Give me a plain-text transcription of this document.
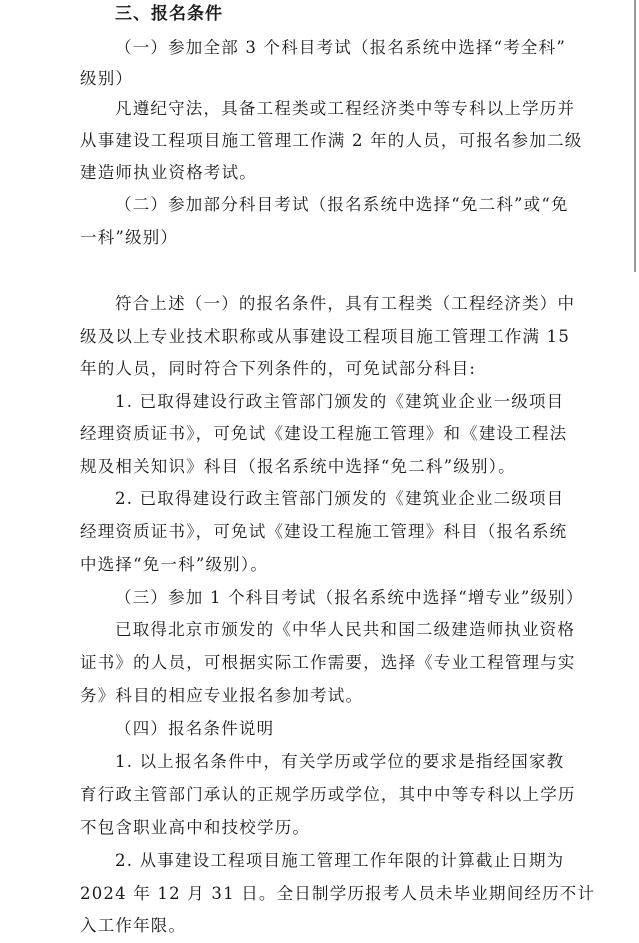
三、报名条件
（一）参加全部 3 个科目考试（报名系统中选择“考全科”
级别）
凡遵纪守法，具备工程类或工程经济类中等专科以上学历并
从事建设工程项目施工管理工作满 2 年的人员，可报名参加二级
建造师执业资格考试。
（二）参加部分科目考试（报名系统中选择“免二科”或“免
一科”级别）
符合上述（一）的报名条件，具有工程类（工程经济类）中
级及以上专业技术职称或从事建设工程项目施工管理工作满 15
年的人员，同时符合下列条件的，可免试部分科目:
1. 已取得建设行政主管部门颁发的《建筑业企业一级项目
经理资质证书》，可免试《建设工程施工管理》和《建设工程法
规及相关知识》科目（报名系统中选择“免二科”级别）。
2. 已取得建设行政主管部门颁发的《建筑业企业二级项目
经理资质证书》，可免试《建设工程施工管理》科目（报名系统
中选择“免一科”级别）。
（三）参加 1 个科目考试（报名系统中选择“增专业”级别）
已取得北京市颁发的《中华人民共和国二级建造师执业资格
证书》的人员，可根据实际工作需要，选择《专业工程管理与实
务》科目的相应专业报名参加考试。
（四）报名条件说明
1. 以上报名条件中，有关学历或学位的要求是指经国家教
育行政主管部门承认的正规学历或学位，其中中等专科以上学历
不包含职业高中和技校学历。
2. 从事建设工程项目施工管理工作年限的计算截止日期为
2024 年 12 月 31 日。全日制学历报考人员未毕业期间经历不计
入工作年限。
